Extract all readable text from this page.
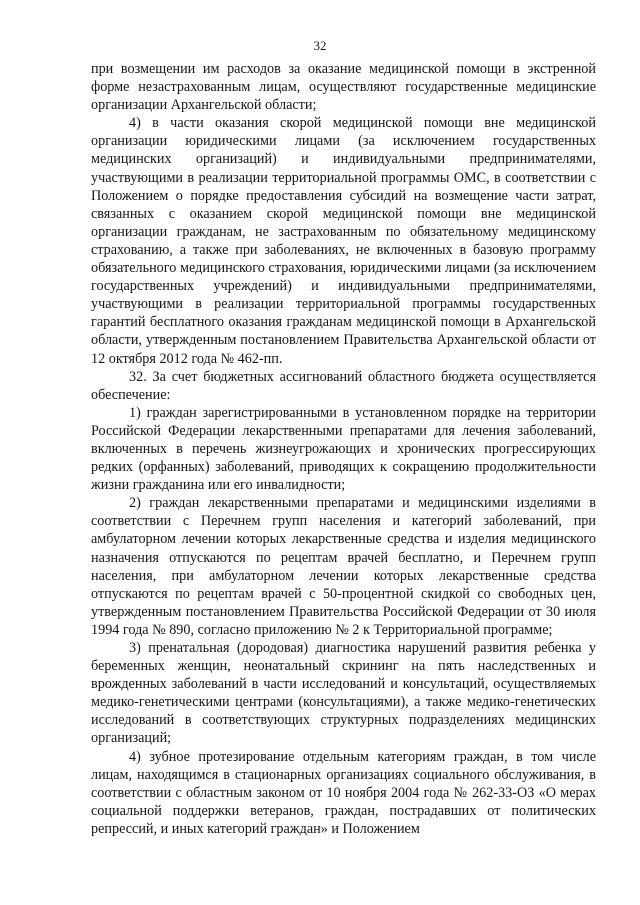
32

при возмещении им расходов за оказание медицинской помощи в экстренной форме незастрахованным лицам, осуществляют государственные медицинские организации Архангельской области;

4) в части оказания скорой медицинской помощи вне медицинской организации юридическими лицами (за исключением государственных медицинских организаций) и индивидуальными предпринимателями, участвующими в реализации территориальной программы ОМС, в соответствии с Положением о порядке предоставления субсидий на возмещение части затрат, связанных с оказанием скорой медицинской помощи вне медицинской организации гражданам, не застрахованным по обязательному медицинскому страхованию, а также при заболеваниях, не включенных в базовую программу обязательного медицинского страхования, юридическими лицами (за исключением государственных учреждений) и индивидуальными предпринимателями, участвующими в реализации территориальной программы государственных гарантий бесплатного оказания гражданам медицинской помощи в Архангельской области, утвержденным постановлением Правительства Архангельской области от 12 октября 2012 года № 462-пп.

32. За счет бюджетных ассигнований областного бюджета осуществляется обеспечение:

1) граждан зарегистрированными в установленном порядке на территории Российской Федерации лекарственными препаратами для лечения заболеваний, включенных в перечень жизнеугрожающих и хронических прогрессирующих редких (орфанных) заболеваний, приводящих к сокращению продолжительности жизни гражданина или его инвалидности;

2) граждан лекарственными препаратами и медицинскими изделиями в соответствии с Перечнем групп населения и категорий заболеваний, при амбулаторном лечении которых лекарственные средства и изделия медицинского назначения отпускаются по рецептам врачей бесплатно, и Перечнем групп населения, при амбулаторном лечении которых лекарственные средства отпускаются по рецептам врачей с 50-процентной скидкой со свободных цен, утвержденным постановлением Правительства Российской Федерации от 30 июля 1994 года № 890, согласно приложению № 2 к Территориальной программе;

3) пренатальная (дородовая) диагностика нарушений развития ребенка у беременных женщин, неонатальный скрининг на пять наследственных и врожденных заболеваний в части исследований и консультаций, осуществляемых медико-генетическими центрами (консультациями), а также медико-генетических исследований в соответствующих структурных подразделениях медицинских организаций;

4) зубное протезирование отдельным категориям граждан, в том числе лицам, находящимся в стационарных организациях социального обслуживания, в соответствии с областным законом от 10 ноября 2004 года № 262-33-ОЗ «О мерах социальной поддержки ветеранов, граждан, пострадавших от политических репрессий, и иных категорий граждан» и Положением
